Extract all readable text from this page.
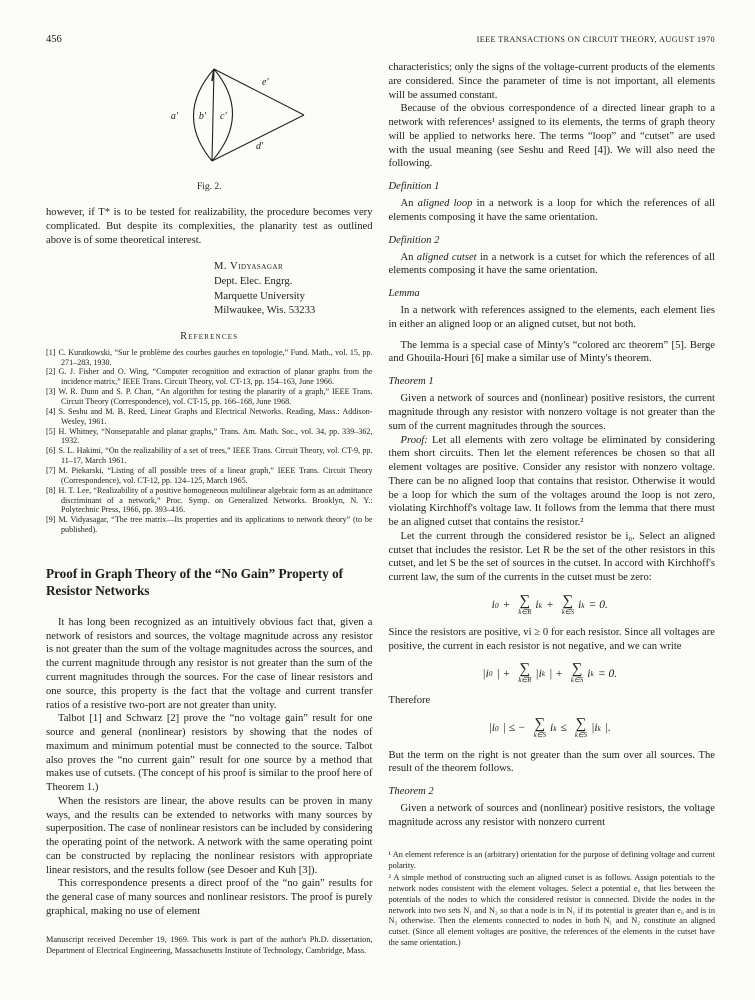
456	IEEE TRANSACTIONS ON CIRCUIT THEORY, AUGUST 1970
a' b' c'
e'
d'
Fig. 2.

however, if T* is to be tested for realizability, the procedure becomes very complicated. But despite its complexities, the planarity test as outlined above is of some theoretical interest.

M. Vidyasagar
Dept. Elec. Engrg.
Marquette University
Milwaukee, Wis. 53233
References
[1] C. Kuratkowski, “Sur le problème des courbes gauches en topologie,” Fund. Math., vol. 15, pp. 271–283, 1930.
[2] G. J. Fisher and O. Wing, “Computer recognition and extraction of planar graphs from the incidence matrix,” IEEE Trans. Circuit Theory, vol. CT-13, pp. 154–163, June 1966.
[3] W. R. Dunn and S. P. Chan, “An algorithm for testing the planarity of a graph,” IEEE Trans. Circuit Theory (Correspondence), vol. CT-15, pp. 166–168, June 1968.
[4] S. Seshu and M. B. Reed, Linear Graphs and Electrical Networks. Reading, Mass.: Addison-Wesley, 1961.
[5] H. Whitney, “Nonseparable and planar graphs,” Trans. Am. Math. Soc., vol. 34, pp. 339–362, 1932.
[6] S. L. Hakimi, “On the realizability of a set of trees,” IEEE Trans. Circuit Theory, vol. CT-9, pp. 11–17, March 1961.
[7] M. Piekarski, “Listing of all possible trees of a linear graph,” IEEE Trans. Circuit Theory (Correspondence), vol. CT-12, pp. 124–125, March 1965.
[8] H. T. Lee, “Realizability of a positive homogeneous multilinear algebraic form as an admittance discriminant of a network,” Proc. Symp. on Generalized Networks. Brooklyn, N. Y.: Polytechnic Press, 1966, pp. 393–416.
[9] M. Vidyasagar, “The tree matrix—Its properties and its applications to network theory” (to be published).
Proof in Graph Theory of the “No Gain” Property of Resistor Networks

It has long been recognized as an intuitively obvious fact that, given a network of resistors and sources, the voltage magnitude across any resistor is not greater than the sum of the voltage magnitudes across the sources, and the current magnitude through any resistor is not greater than the sum of the current magnitudes through the sources. For the case of linear resistors and one source, this property is the fact that the voltage and current transfer ratios of a resistive two-port are not greater than unity.

Talbot [1] and Schwarz [2] prove the “no voltage gain” result for one source and general (nonlinear) resistors by showing that the nodes of maximum and minimum potential must be connected to the source. Talbot also proves the “no current gain” result for one source by a method that makes use of cutsets. (The concept of his proof is similar to the proof here of Theorem 1.)

When the resistors are linear, the above results can be proven in many ways, and the results can be extended to networks with many sources by superposition. The case of nonlinear resistors can be included by considering the operating point of the network. A network with the same operating point can be constructed by replacing the nonlinear resistors with appropriate linear resistors, and the results follow (see Desoer and Kuh [3]).

This correspondence presents a direct proof of the “no gain” results for the general case of many sources and nonlinear resistors. The proof is purely graphical, making no use of element

Manuscript received December 19, 1969. This work is part of the author's Ph.D. dissertation, Department of Electrical Engineering, Massachusetts Institute of Technology, Cambridge, Mass.

characteristics; only the signs of the voltage-current products of the elements are considered. Since the parameter of time is not important, all elements will be assumed constant.

Because of the obvious correspondence of a directed linear graph to a network with references¹ assigned to its elements, the terms of graph theory will be applied to networks here. The terms “loop” and “cutset” are used with the usual meaning (see Seshu and Reed [4]). We will also need the following.

Definition 1

An aligned loop in a network is a loop for which the references of all elements composing it have the same orientation.

Definition 2

An aligned cutset in a network is a cutset for which the references of all elements composing it have the same orientation.

Lemma

In a network with references assigned to the elements, each element lies in either an aligned loop or an aligned cutset, but not both.

The lemma is a special case of Minty's “colored arc theorem” [5]. Berge and Ghouila-Houri [6] make a similar use of Minty's theorem.

Theorem 1

Given a network of sources and (nonlinear) positive resistors, the current magnitude through any resistor with nonzero voltage is not greater than the sum of the current magnitudes through the sources.

Proof: Let all elements with zero voltage be eliminated by considering them short circuits. Then let the element references be chosen so that all element voltages are positive. Consider any resistor with nonzero voltage. There can be no aligned loop that contains that resistor. Otherwise it would be a loop for which the sum of the voltages around the loop is not zero, violating Kirchhoff's voltage law. It follows from the lemma that there must be an aligned cutset that contains the resistor.²

Let the current through the considered resistor be i₀. Select an aligned cutset that includes the resistor. Let R be the set of the other resistors in this cutset, and let S be the set of sources in the cutset. In accord with Kirchhoff's current law, the sum of the currents in the cutset must be zero:

i 0 + ∑
k∈R
i k + ∑
k∈S
i k = 0.

Since the resistors are positive, vi ≥ 0 for each resistor. Since all voltages are positive, the current in each resistor is not negative, and we can write

|i 0 | + ∑
k∈R
|i k | + ∑
k∈S
i k = 0.

Therefore

|i 0 | ≤ − ∑
k∈S
i k ≤ ∑
k∈S
|i k |.

But the term on the right is not greater than the sum over all sources. The result of the theorem follows.

Theorem 2

Given a network of sources and (nonlinear) positive resistors, the voltage magnitude across any resistor with nonzero current

¹ An element reference is an (arbitrary) orientation for the purpose of defining voltage and current polarity.
² A simple method of constructing such an aligned cutset is as follows. Assign potentials to the network nodes consistent with the element voltages. Select a potential e₀ that lies between the potentials of the nodes to which the considered resistor is connected. Divide the nodes in the network into two sets N₁ and N₂ so that a node is in N₁ if its potential is greater than e₀ and is in N₂ otherwise. Then the elements connected to nodes in both N₁ and N₂ constitute an aligned cutset. (Since all element voltages are positive, the references of the elements in the cutset have the same orientation.)
